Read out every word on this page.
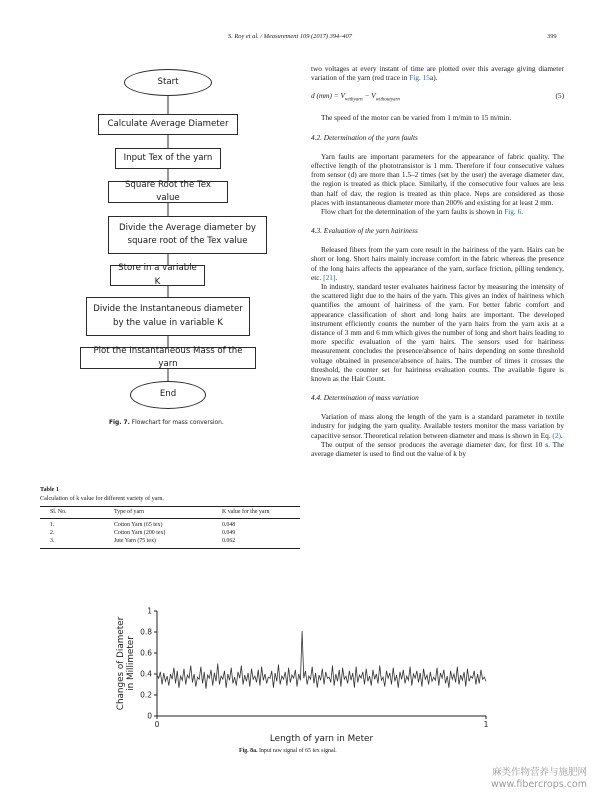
S. Roy et al. / Measurement 109 (2017) 394–407	399
Start
Calculate Average Diameter
Input Tex of the yarn
Square Root the Tex value
Divide the Average diameter by square root of the Tex value
Store in a variable K
Divide the Instantaneous diameter by the value in variable K
Plot the Instantaneous Mass of the yarn
End
Fig. 7. Flowchart for mass conversion.
Table 1
Calculation of k value for different variety of yarn.
Sl. No.	Type of yarn	K value for the yarn
1.	Cotton Yarn (65 tex)	0.048
2.	Cotton Yarn (200 tex)	0.049
3.	Jute Yarn (75 tex)	0.062

two voltages at every instant of time are plotted over this average giving diameter variation of the yarn (red trace in Fig. 15a).

d $(mm) = V_{withyarn} - V_{withoutyarn}$	(5)

The speed of the motor can be varied from 1 m/min to 15 m/min.

4.2. Determination of the yarn faults

Yarn faults are important parameters for the appearance of fabric quality. The effective length of the phototransistor is 1 mm. Therefore if four consecutive values from sensor (d) are more than 1.5–2 times (set by the user) the average diameter dav, the region is treated as thick place. Similarly, if the consecutive four values are less than half of dav, the region is treated as thin place. Neps are considered as those places with instantaneous diameter more than 200% and existing for at least 2 mm.

Flow chart for the determination of the yarn faults is shown in Fig. 6.

4.3. Evaluation of the yarn hairiness

Released fibers from the yarn core result in the hairiness of the yarn. Hairs can be short or long. Short hairs mainly increase comfort in the fabric whereas the presence of the long hairs affects the appearance of the yarn, surface friction, pilling tendency, etc. [21].

In industry, standard tester evaluates hairiness factor by measuring the intensity of the scattered light due to the hairs of the yarn. This gives an index of hairiness which quantifies the amount of hairiness of the yarn. For better fabric comfort and appearance classification of short and long hairs are important. The developed instrument efficiently counts the number of the yarn hairs from the yarn axis at a distance of 3 mm and 6 mm which gives the number of long and short hairs leading to more specific evaluation of the yarn hairs. The sensors used for hairiness measurement concludes the presence/absence of hairs depending on some threshold voltage obtained in presence/absence of hairs. The number of times it crosses the threshold, the counter set for hairiness evaluation counts. The available figure is known as the Hair Count.

4.4. Determination of mass variation

Variation of mass along the length of the yarn is a standard parameter in textile industry for judging the yarn quality. Available testers monitor the mass variation by capacitive sensor. Theoretical relation between diameter and mass is shown in Eq. (2).

The output of the sensor produces the average diameter dav, for first 10 s. The average diameter is used to find out the value of k by

0
0.2
0.4
0.6
0.8
1
0	1
Length of yarn in Meter
Changes of Diameterin Millimeter
Fig. 8a. Input raw signal of 65 tex signal.
麻类作物营养与施肥网
www.fibercrops.com
